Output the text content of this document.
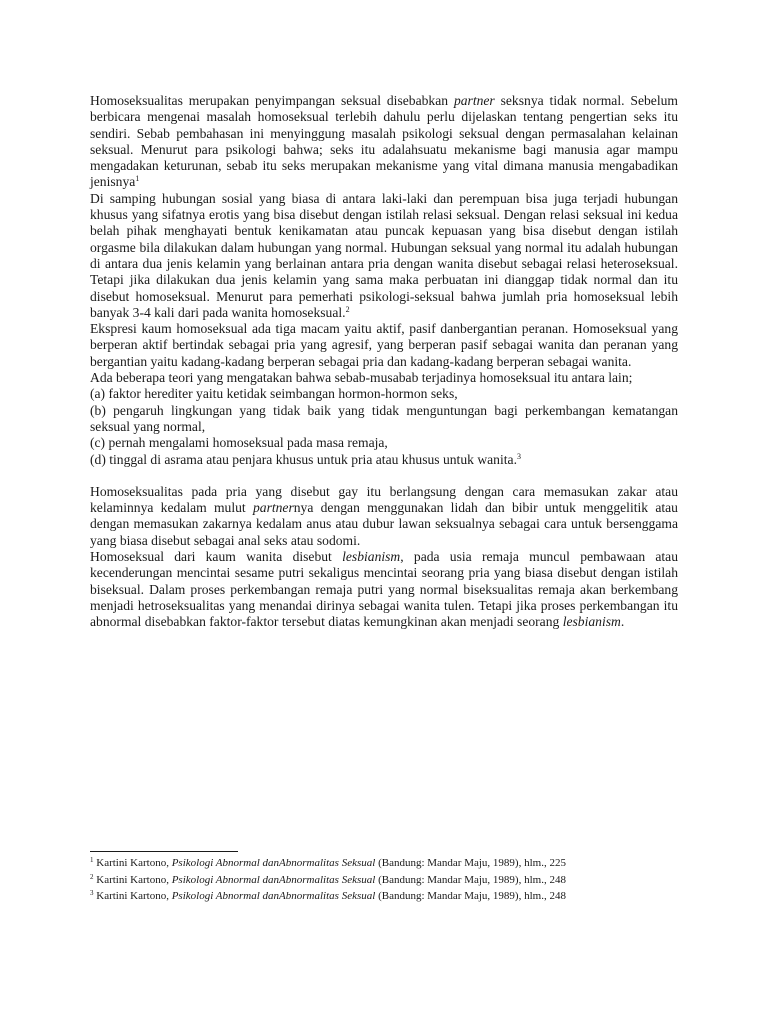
Homoseksualitas merupakan penyimpangan seksual disebabkan partner seksnya tidak normal. Sebelum berbicara mengenai masalah homoseksual terlebih dahulu perlu dijelaskan tentang pengertian seks itu sendiri. Sebab pembahasan ini menyinggung masalah psikologi seksual dengan permasalahan kelainan seksual. Menurut para psikologi bahwa; seks itu adalahsuatu mekanisme bagi manusia agar mampu mengadakan keturunan, sebab itu seks merupakan mekanisme yang vital dimana manusia mengabadikan jenisnya$^1$

Di samping hubungan sosial yang biasa di antara laki-laki dan perempuan bisa juga terjadi hubungan khusus yang sifatnya erotis yang bisa disebut dengan istilah relasi seksual. Dengan relasi seksual ini kedua belah pihak menghayati bentuk kenikamatan atau puncak kepuasan yang bisa disebut dengan istilah orgasme bila dilakukan dalam hubungan yang normal. Hubungan seksual yang normal itu adalah hubungan di antara dua jenis kelamin yang berlainan antara pria dengan wanita disebut sebagai relasi heteroseksual. Tetapi jika dilakukan dua jenis kelamin yang sama maka perbuatan ini dianggap tidak normal dan itu disebut homoseksual. Menurut para pemerhati psikologi-seksual bahwa jumlah pria homoseksual lebih banyak 3-4 kali dari pada wanita homoseksual.$^2$

Ekspresi kaum homoseksual ada tiga macam yaitu aktif, pasif danbergantian peranan. Homoseksual yang berperan aktif bertindak sebagai pria yang agresif, yang berperan pasif sebagai wanita dan peranan yang bergantian yaitu kadang-kadang berperan sebagai pria dan kadang-kadang berperan sebagai wanita.

Ada beberapa teori yang mengatakan bahwa sebab-musabab terjadinya homoseksual itu antara lain;

(a) faktor herediter yaitu ketidak seimbangan hormon-hormon seks,

(b) pengaruh lingkungan yang tidak baik yang tidak menguntungan bagi perkembangan kematangan seksual yang normal,

(c) pernah mengalami homoseksual pada masa remaja,

(d) tinggal di asrama atau penjara khusus untuk pria atau khusus untuk wanita.$^3$

Homoseksualitas pada pria yang disebut gay itu berlangsung dengan cara memasukan zakar atau kelaminnya kedalam mulut partnernya dengan menggunakan lidah dan bibir untuk menggelitik atau dengan memasukan zakarnya kedalam anus atau dubur lawan seksualnya sebagai cara untuk bersenggama yang biasa disebut sebagai anal seks atau sodomi.

Homoseksual dari kaum wanita disebut lesbianism, pada usia remaja muncul pembawaan atau kecenderungan mencintai sesame putri sekaligus mencintai seorang pria yang biasa disebut dengan istilah biseksual. Dalam proses perkembangan remaja putri yang normal biseksualitas remaja akan berkembang menjadi hetroseksualitas yang menandai dirinya sebagai wanita tulen. Tetapi jika proses perkembangan itu abnormal disebabkan faktor-faktor tersebut diatas kemungkinan akan menjadi seorang lesbianism.

$^1$ Kartini Kartono, Psikologi Abnormal danAbnormalitas Seksual (Bandung: Mandar Maju, 1989), hlm., 225

$^2$ Kartini Kartono, Psikologi Abnormal danAbnormalitas Seksual (Bandung: Mandar Maju, 1989), hlm., 248

$^3$ Kartini Kartono, Psikologi Abnormal danAbnormalitas Seksual (Bandung: Mandar Maju, 1989), hlm., 248
